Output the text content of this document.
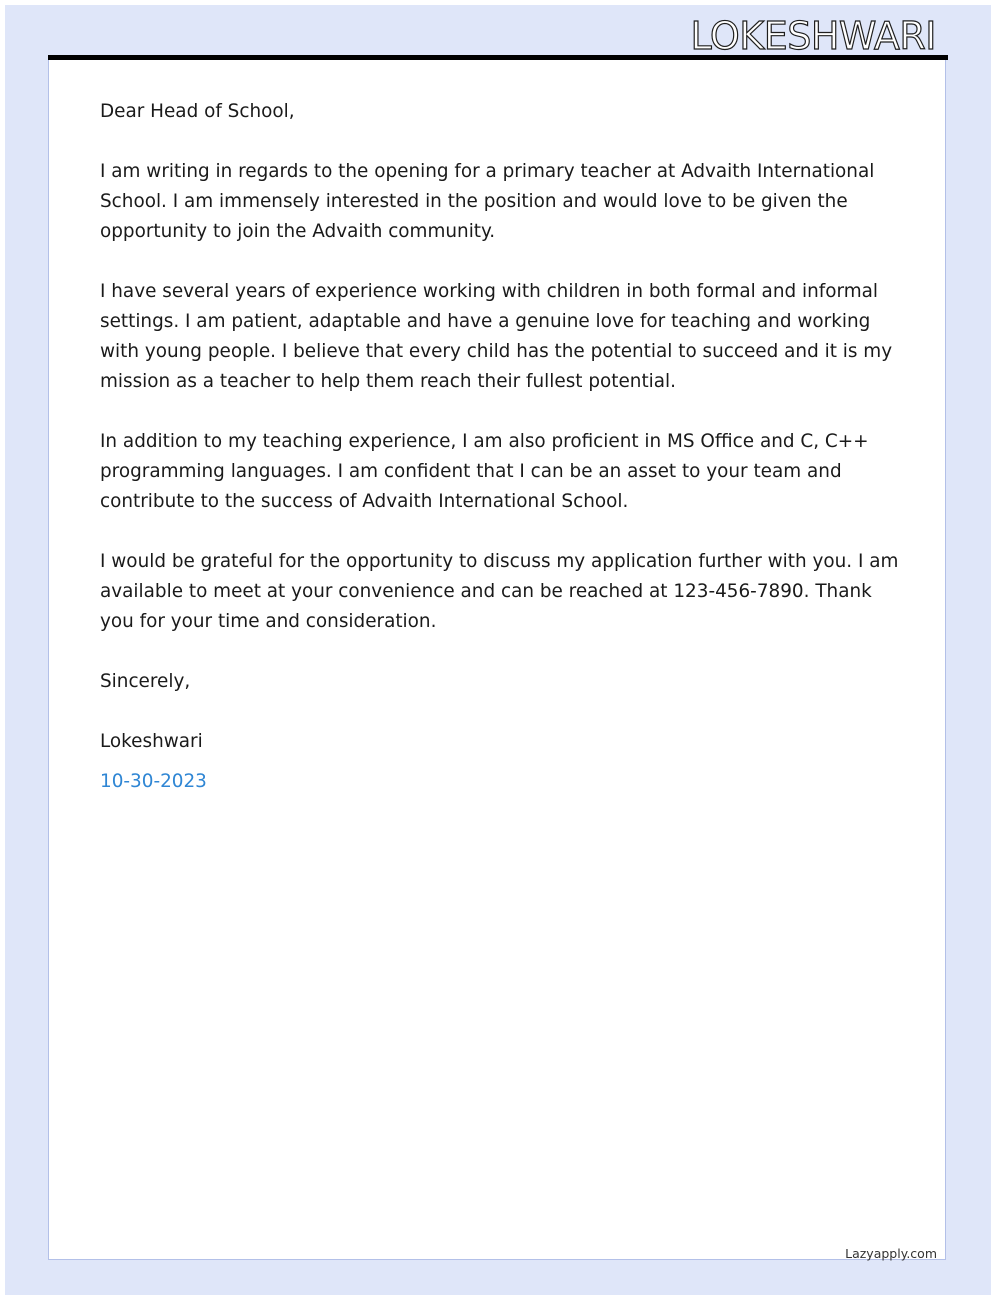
LOKESHWARI

Dear Head of School,

I am writing in regards to the opening for a primary teacher at Advaith International School. I am immensely interested in the position and would love to be given the opportunity to join the Advaith community.

I have several years of experience working with children in both formal and informal settings. I am patient, adaptable and have a genuine love for teaching and working with young people. I believe that every child has the potential to succeed and it is my mission as a teacher to help them reach their fullest potential.

In addition to my teaching experience, I am also proficient in MS Office and C, C++ programming languages. I am confident that I can be an asset to your team and contribute to the success of Advaith International School.

I would be grateful for the opportunity to discuss my application further with you. I am available to meet at your convenience and can be reached at 123-456-7890. Thank you for your time and consideration.

Sincerely,

Lokeshwari

10-30-2023

Lazyapply.com
